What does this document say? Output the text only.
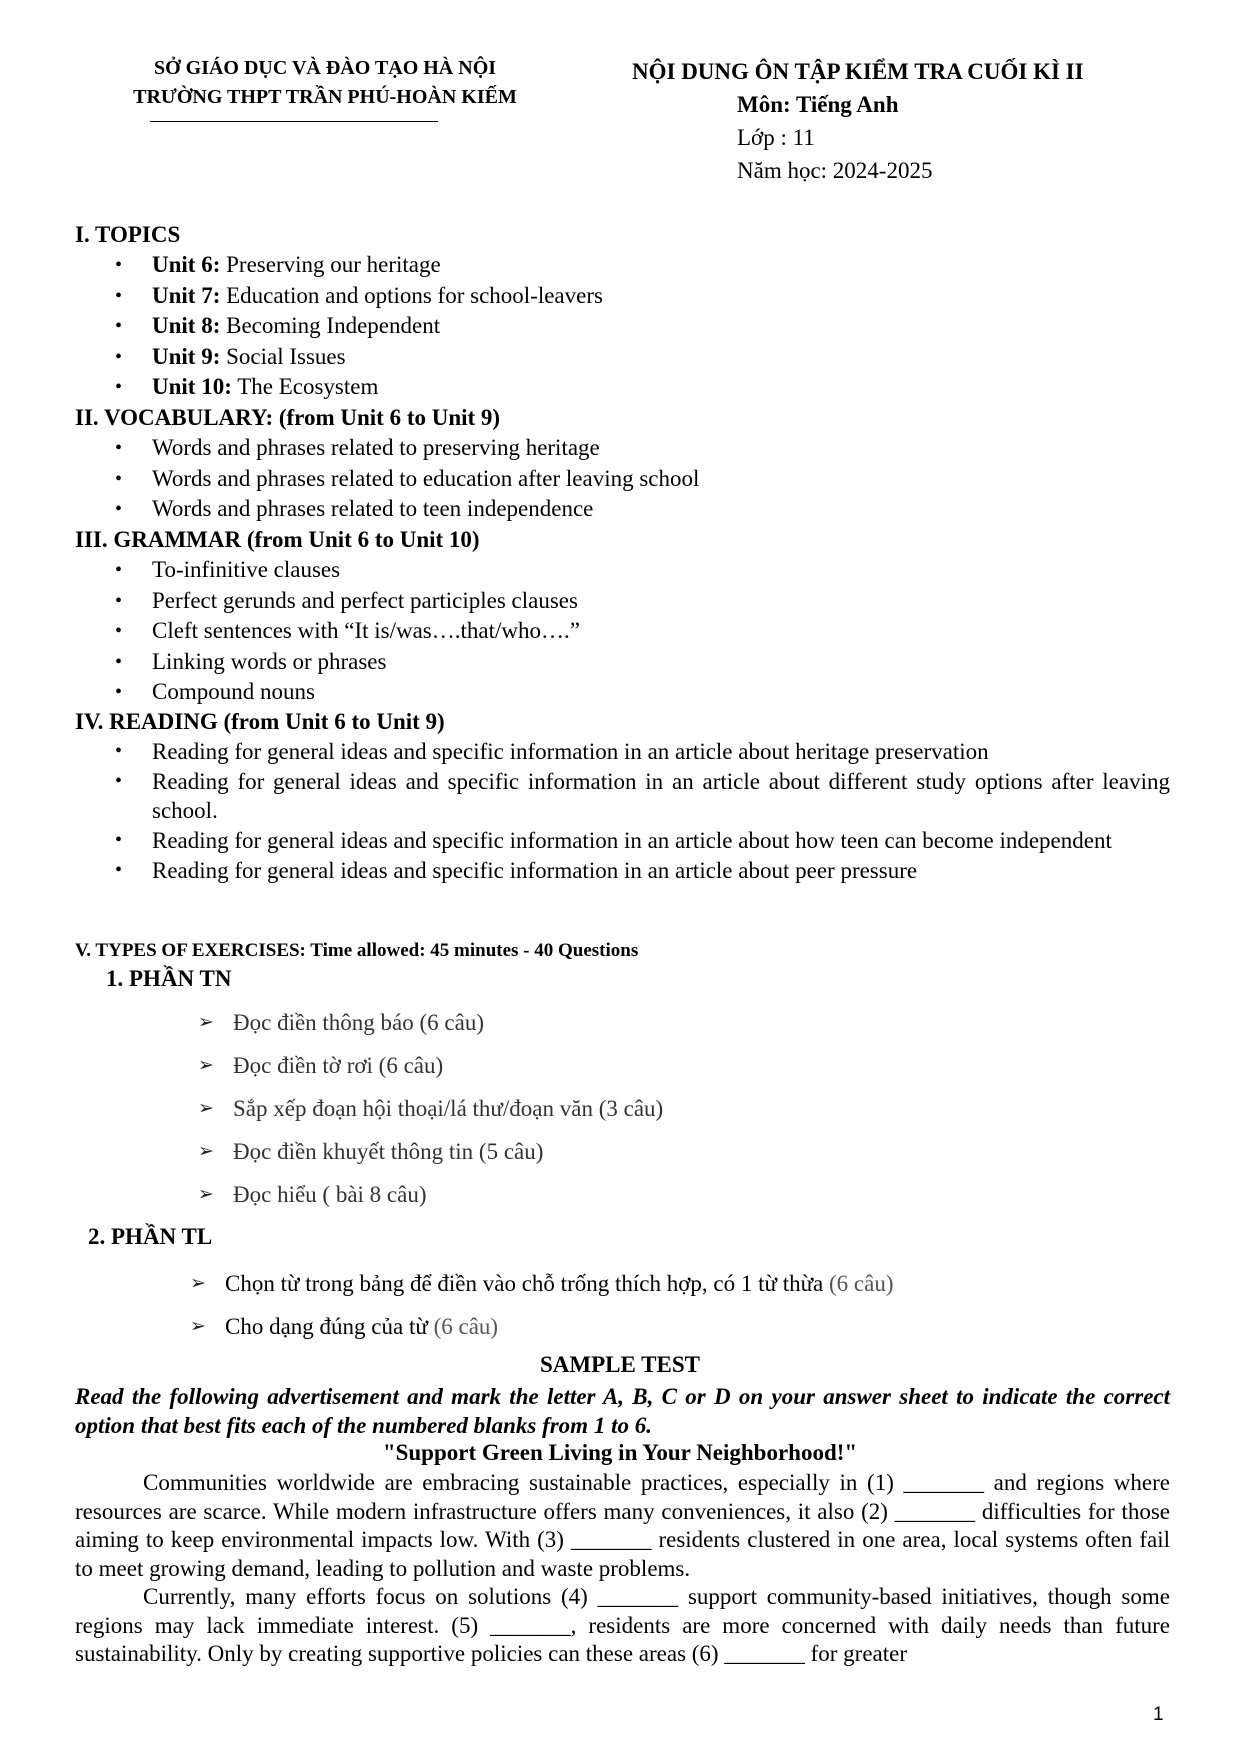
SỞ GIÁO DỤC VÀ ĐÀO TẠO HÀ NỘI
TRƯỜNG THPT TRẦN PHÚ-HOÀN KIẾM
NỘI DUNG ÔN TẬP KIỂM TRA CUỐI KÌ II
Môn: Tiếng Anh
Lớp : 11
Năm học: 2024-2025
I. TOPICS
• Unit 6: Preserving our heritage
• Unit 7: Education and options for school-leavers
• Unit 8: Becoming Independent
• Unit 9: Social Issues
• Unit 10: The Ecosystem
II. VOCABULARY: (from Unit 6 to Unit 9)
• Words and phrases related to preserving heritage
• Words and phrases related to education after leaving school
• Words and phrases related to teen independence
III. GRAMMAR (from Unit 6 to Unit 10)
• To-infinitive clauses
• Perfect gerunds and perfect participles clauses
• Cleft sentences with “It is/was….that/who….”
• Linking words or phrases
• Compound nouns
IV. READING (from Unit 6 to Unit 9)
• Reading for general ideas and specific information in an article about heritage preservation
• Reading for general ideas and specific information in an article about different study options after leaving school.
• Reading for general ideas and specific information in an article about how teen can become independent
• Reading for general ideas and specific information in an article about peer pressure
V. TYPES OF EXERCISES: Time allowed: 45 minutes - 40 Questions
1. PHẦN TN
➢ Đọc điền thông báo (6 câu)
➢ Đọc điền tờ rơi (6 câu)
➢ Sắp xếp đoạn hội thoại/lá thư/đoạn văn (3 câu)
➢ Đọc điền khuyết thông tin (5 câu)
➢ Đọc hiểu ( bài 8 câu)
2. PHẦN TL
➢ Chọn từ trong bảng để điền vào chỗ trống thích hợp, có 1 từ thừa (6 câu)
➢ Cho dạng đúng của từ (6 câu)
SAMPLE TEST
Read the following advertisement and mark the letter A, B, C or D on your answer sheet to indicate the correct option that best fits each of the numbered blanks from 1 to 6.
"Support Green Living in Your Neighborhood!"
Communities worldwide are embracing sustainable practices, especially in (1) _______ and regions where resources are scarce. While modern infrastructure offers many conveniences, it also (2) _______ difficulties for those aiming to keep environmental impacts low. With (3) _______ residents clustered in one area, local systems often fail to meet growing demand, leading to pollution and waste problems.
Currently, many efforts focus on solutions (4) _______ support community-based initiatives, though some regions may lack immediate interest. (5) _______, residents are more concerned with daily needs than future sustainability. Only by creating supportive policies can these areas (6) _______ for greater
1
